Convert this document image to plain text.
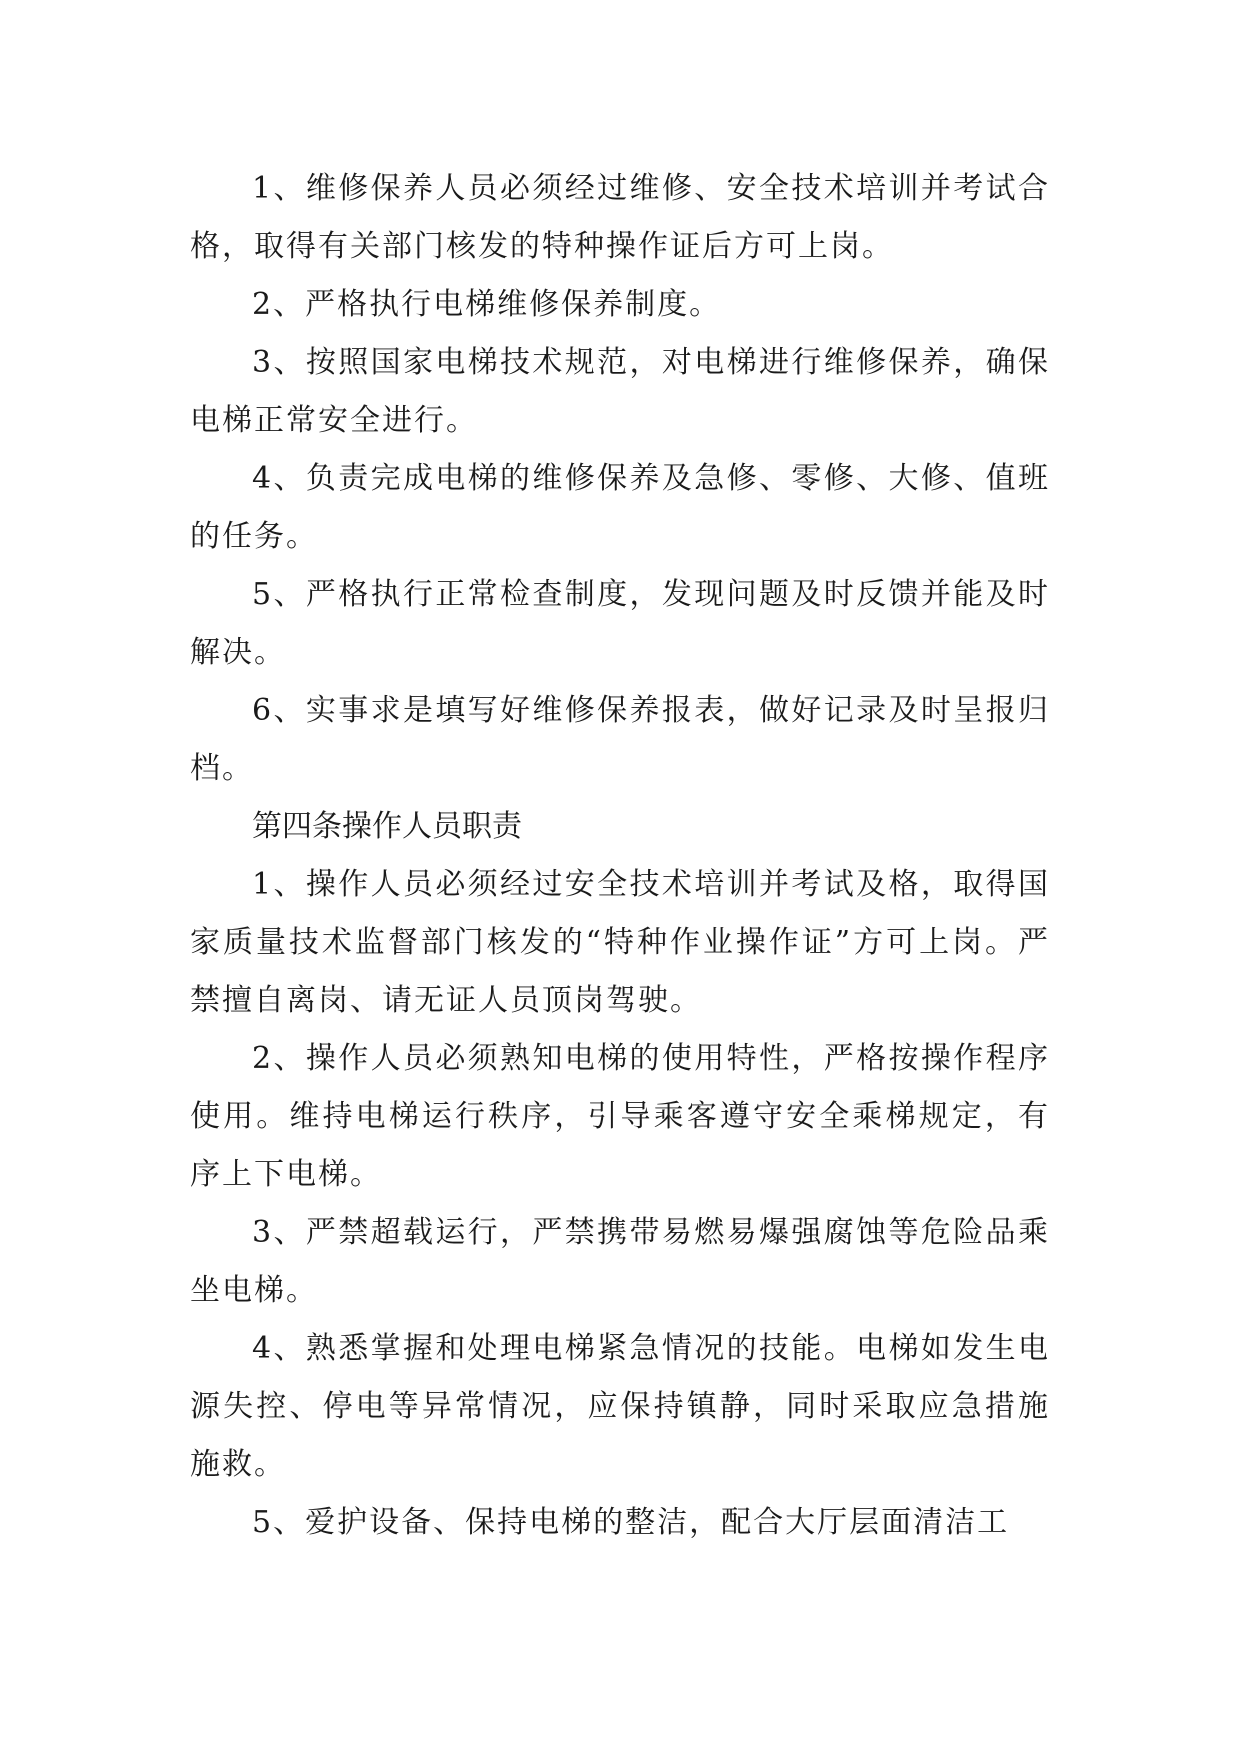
1、维修保养人员必须经过维修、安全技术培训并考试合格，取得有关部门核发的特种操作证后方可上岗。

2、严格执行电梯维修保养制度。

3、按照国家电梯技术规范，对电梯进行维修保养，确保电梯正常安全进行。

4、负责完成电梯的维修保养及急修、零修、大修、值班的任务。

5、严格执行正常检查制度，发现问题及时反馈并能及时解决。

6、实事求是填写好维修保养报表，做好记录及时呈报归档。

第四条操作人员职责

1、操作人员必须经过安全技术培训并考试及格，取得国家质量技术监督部门核发的“特种作业操作证”方可上岗。严禁擅自离岗、请无证人员顶岗驾驶。

2、操作人员必须熟知电梯的使用特性，严格按操作程序使用。维持电梯运行秩序，引导乘客遵守安全乘梯规定，有序上下电梯。

3、严禁超载运行，严禁携带易燃易爆强腐蚀等危险品乘坐电梯。

4、熟悉掌握和处理电梯紧急情况的技能。电梯如发生电源失控、停电等异常情况，应保持镇静，同时采取应急措施施救。

5、爱护设备、保持电梯的整洁，配合大厅层面清洁工
